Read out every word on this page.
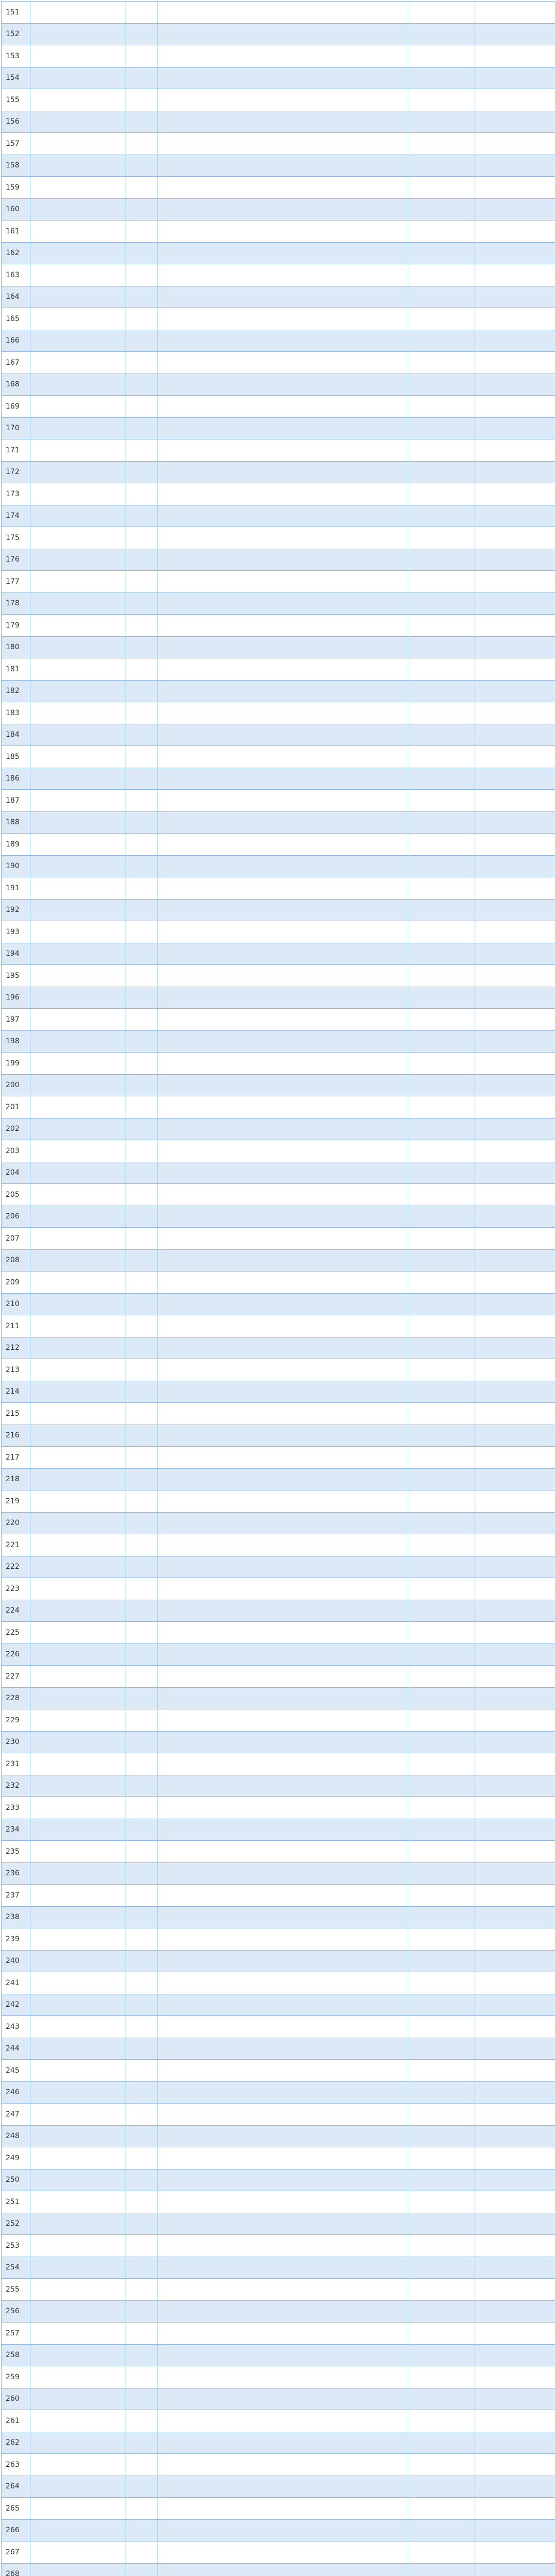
151					
152					
153					
154					
155					
156					
157					
158					
159					
160					
161					
162					
163					
164					
165					
166					
167					
168					
169					
170					
171					
172					
173					
174					
175					
176					
177					
178					
179					
180					
181					
182					
183					
184					
185					
186					
187					
188					
189					
190					
191					
192					
193					
194					
195					
196					
197					
198					
199					
200					
201					
202					
203					
204					
205					
206					
207					
208					
209					
210					
211					
212					
213					
214					
215					
216					
217					
218					
219					
220					
221					
222					
223					
224					
225					
226					
227					
228					
229					
230					
231					
232					
233					
234					
235					
236					
237					
238					
239					
240					
241					
242					
243					
244					
245					
246					
247					
248					
249					
250					
251					
252					
253					
254					
255					
256					
257					
258					
259					
260					
261					
262					
263					
264					
265					
266					
267					
268					
